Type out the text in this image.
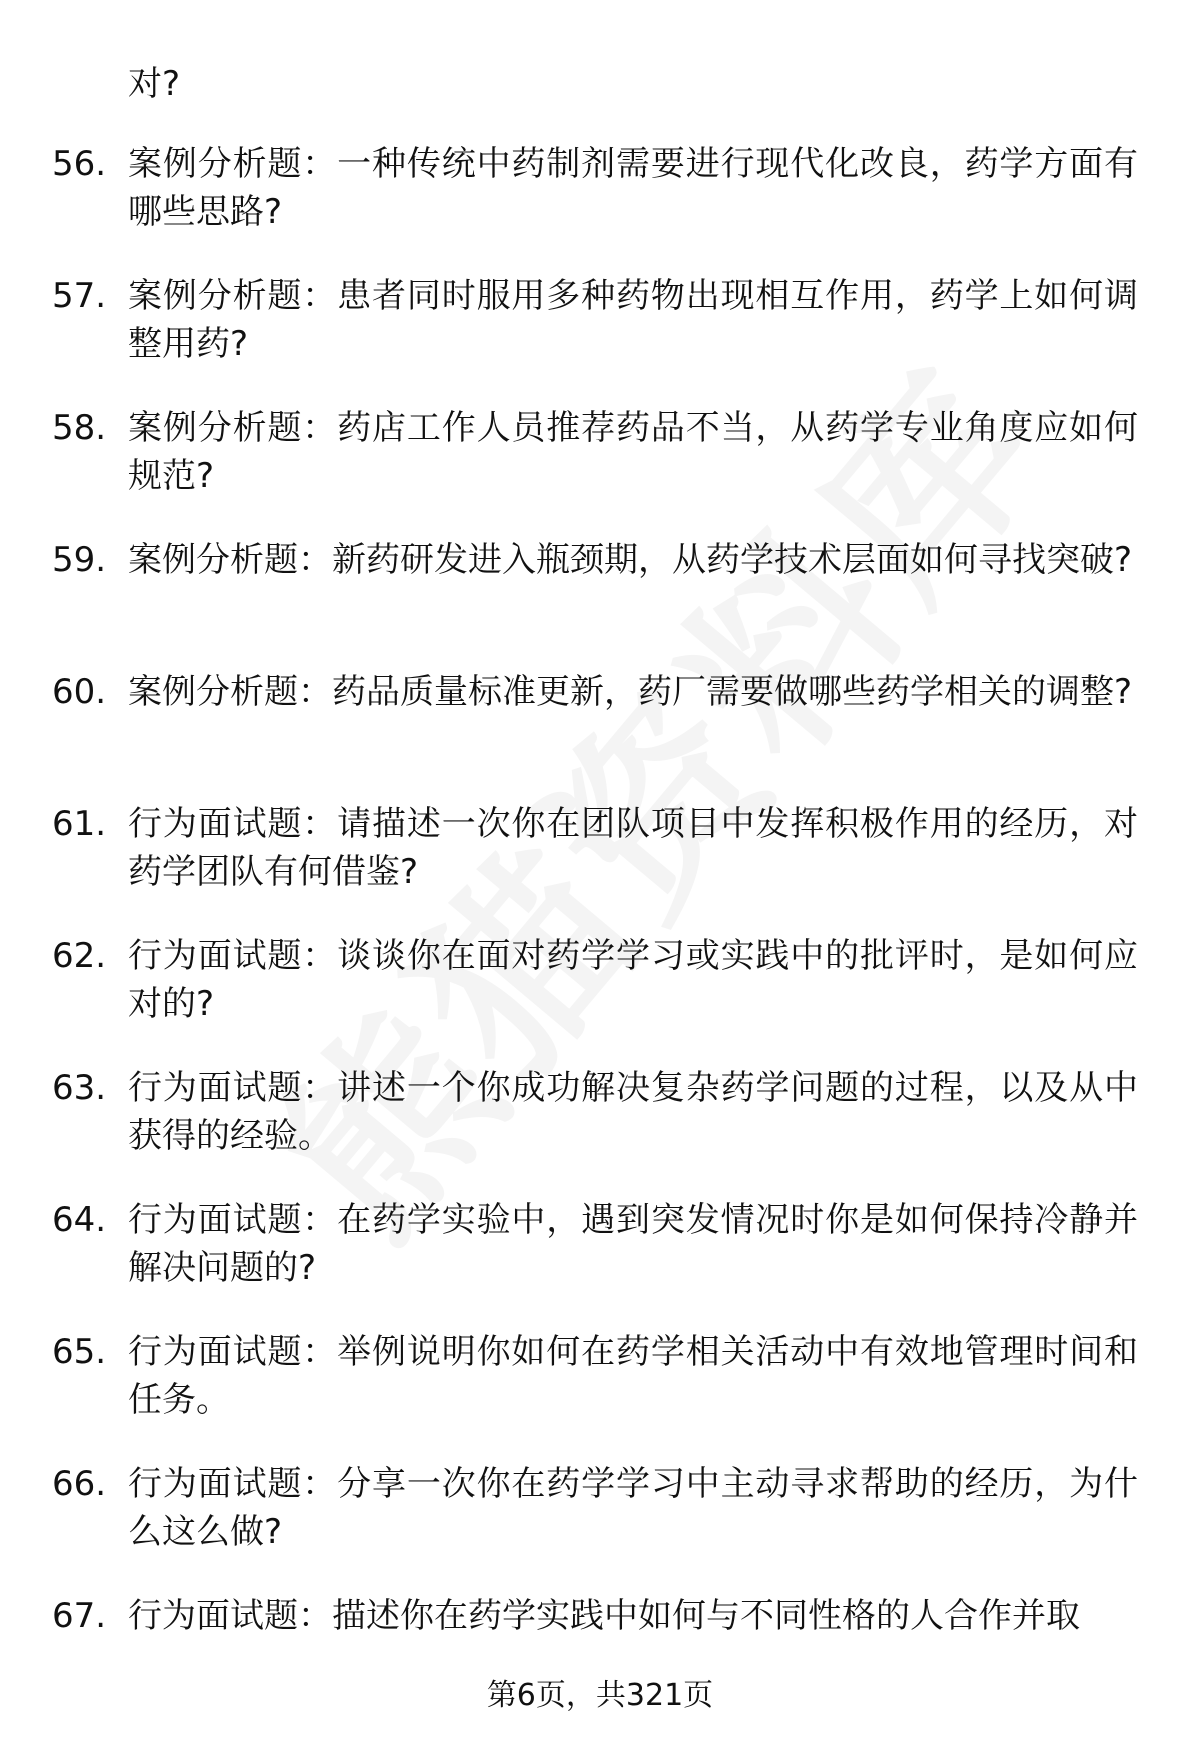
对?
56. 案例分析题：一种传统中药制剂需要进行现代化改良，药学方面有哪些思路?
57. 案例分析题：患者同时服用多种药物出现相互作用，药学上如何调整用药?
58. 案例分析题：药店工作人员推荐药品不当，从药学专业角度应如何规范?
59. 案例分析题：新药研发进入瓶颈期，从药学技术层面如何寻找突破?
60. 案例分析题：药品质量标准更新，药厂需要做哪些药学相关的调整?
61. 行为面试题：请描述一次你在团队项目中发挥积极作用的经历，对药学团队有何借鉴?
62. 行为面试题：谈谈你在面对药学学习或实践中的批评时，是如何应对的?
63. 行为面试题：讲述一个你成功解决复杂药学问题的过程，以及从中获得的经验。
64. 行为面试题：在药学实验中，遇到突发情况时你是如何保持冷静并解决问题的?
65. 行为面试题：举例说明你如何在药学相关活动中有效地管理时间和任务。
66. 行为面试题：分享一次你在药学学习中主动寻求帮助的经历，为什么这么做?
67. 行为面试题：描述你在药学实践中如何与不同性格的人合作并取
第6页，共321页
